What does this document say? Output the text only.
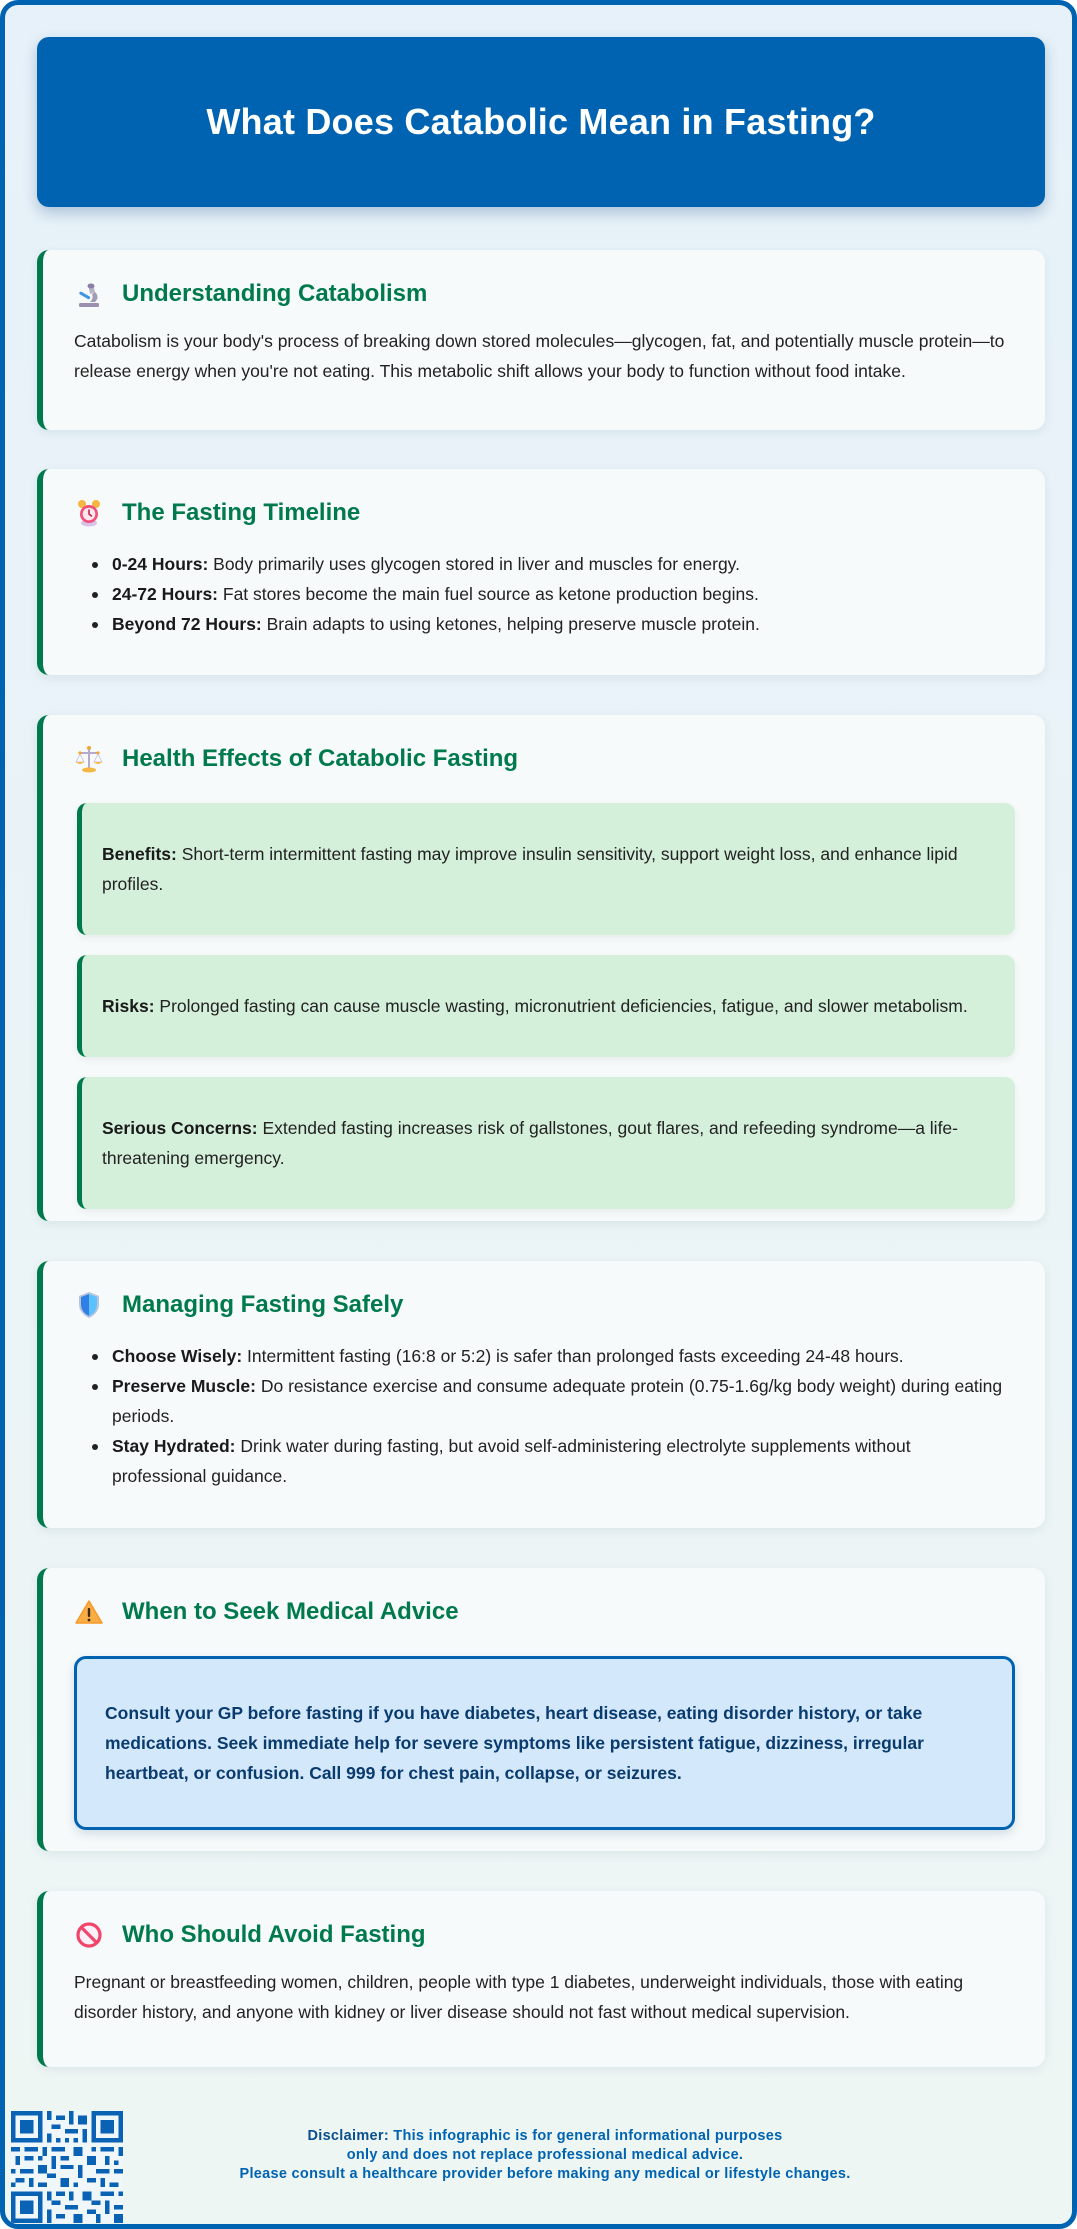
What Does Catabolic Mean in Fasting?
Understanding Catabolism

Catabolism is your body's process of breaking down stored molecules—glycogen, fat, and potentially muscle protein—to release energy when you're not eating. This metabolic shift allows your body to function without food intake.

The Fasting Timeline
0-24 Hours: Body primarily uses glycogen stored in liver and muscles for energy.
24-72 Hours: Fat stores become the main fuel source as ketone production begins.
Beyond 72 Hours: Brain adapts to using ketones, helping preserve muscle protein.
Health Effects of Catabolic Fasting
Benefits: Short-term intermittent fasting may improve insulin sensitivity, support weight loss, and enhance lipid profiles.
Risks: Prolonged fasting can cause muscle wasting, micronutrient deficiencies, fatigue, and slower metabolism.
Serious Concerns: Extended fasting increases risk of gallstones, gout flares, and refeeding syndrome—a life-threatening emergency.
Managing Fasting Safely
Choose Wisely: Intermittent fasting (16:8 or 5:2) is safer than prolonged fasts exceeding 24-48 hours.
Preserve Muscle: Do resistance exercise and consume adequate protein (0.75-1.6g/kg body weight) during eating periods.
Stay Hydrated: Drink water during fasting, but avoid self-administering electrolyte supplements without professional guidance.
When to Seek Medical Advice

Consult your GP before fasting if you have diabetes, heart disease, eating disorder history, or take medications. Seek immediate help for severe symptoms like persistent fatigue, dizziness, irregular heartbeat, or confusion. Call 999 for chest pain, collapse, or seizures.

Who Should Avoid Fasting

Pregnant or breastfeeding women, children, people with type 1 diabetes, underweight individuals, those with eating disorder history, and anyone with kidney or liver disease should not fast without medical supervision.

Disclaimer: This infographic is for general informational purposes
only and does not replace professional medical advice.
Please consult a healthcare provider before making any medical or lifestyle changes.
